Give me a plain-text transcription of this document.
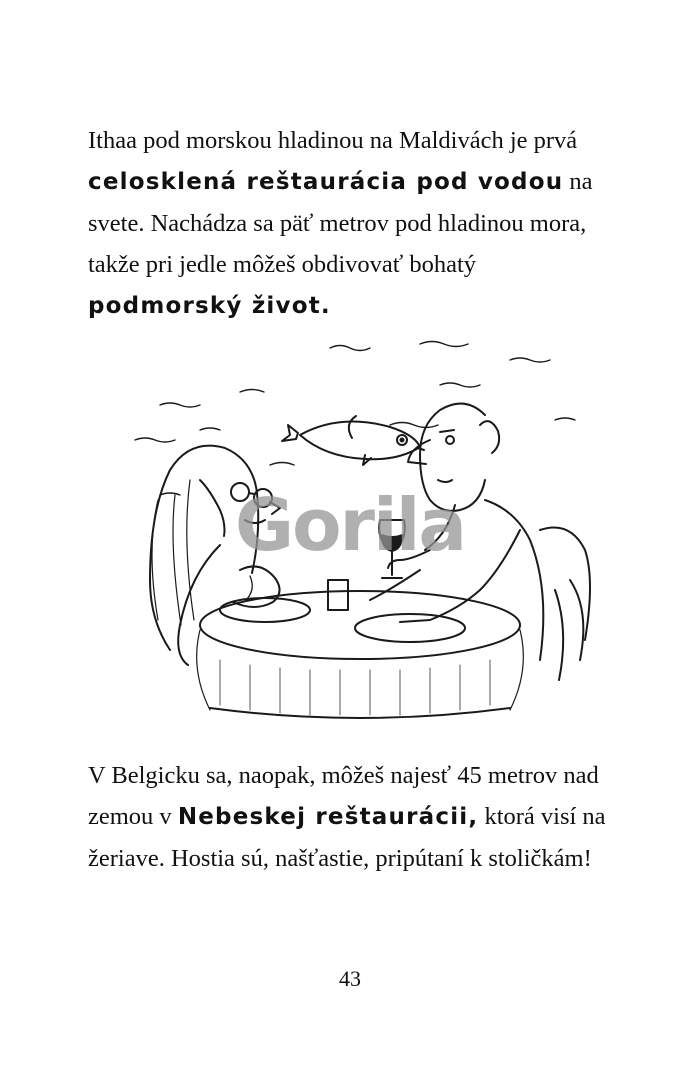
Ithaa pod morskou hladinou na Maldivách je prvá celosklená reštaurácia pod vodou na svete. Nachádza sa päť metrov pod hladinou mora, takže pri jedle môžeš obdivovať bohatý podmorský život.

Gorila

V Belgicku sa, naopak, môžeš najesť 45 metrov nad zemou v Nebeskej reštaurácii, ktorá visí na žeriave. Hostia sú, našťastie, pripútaní k stoličkám!

43
